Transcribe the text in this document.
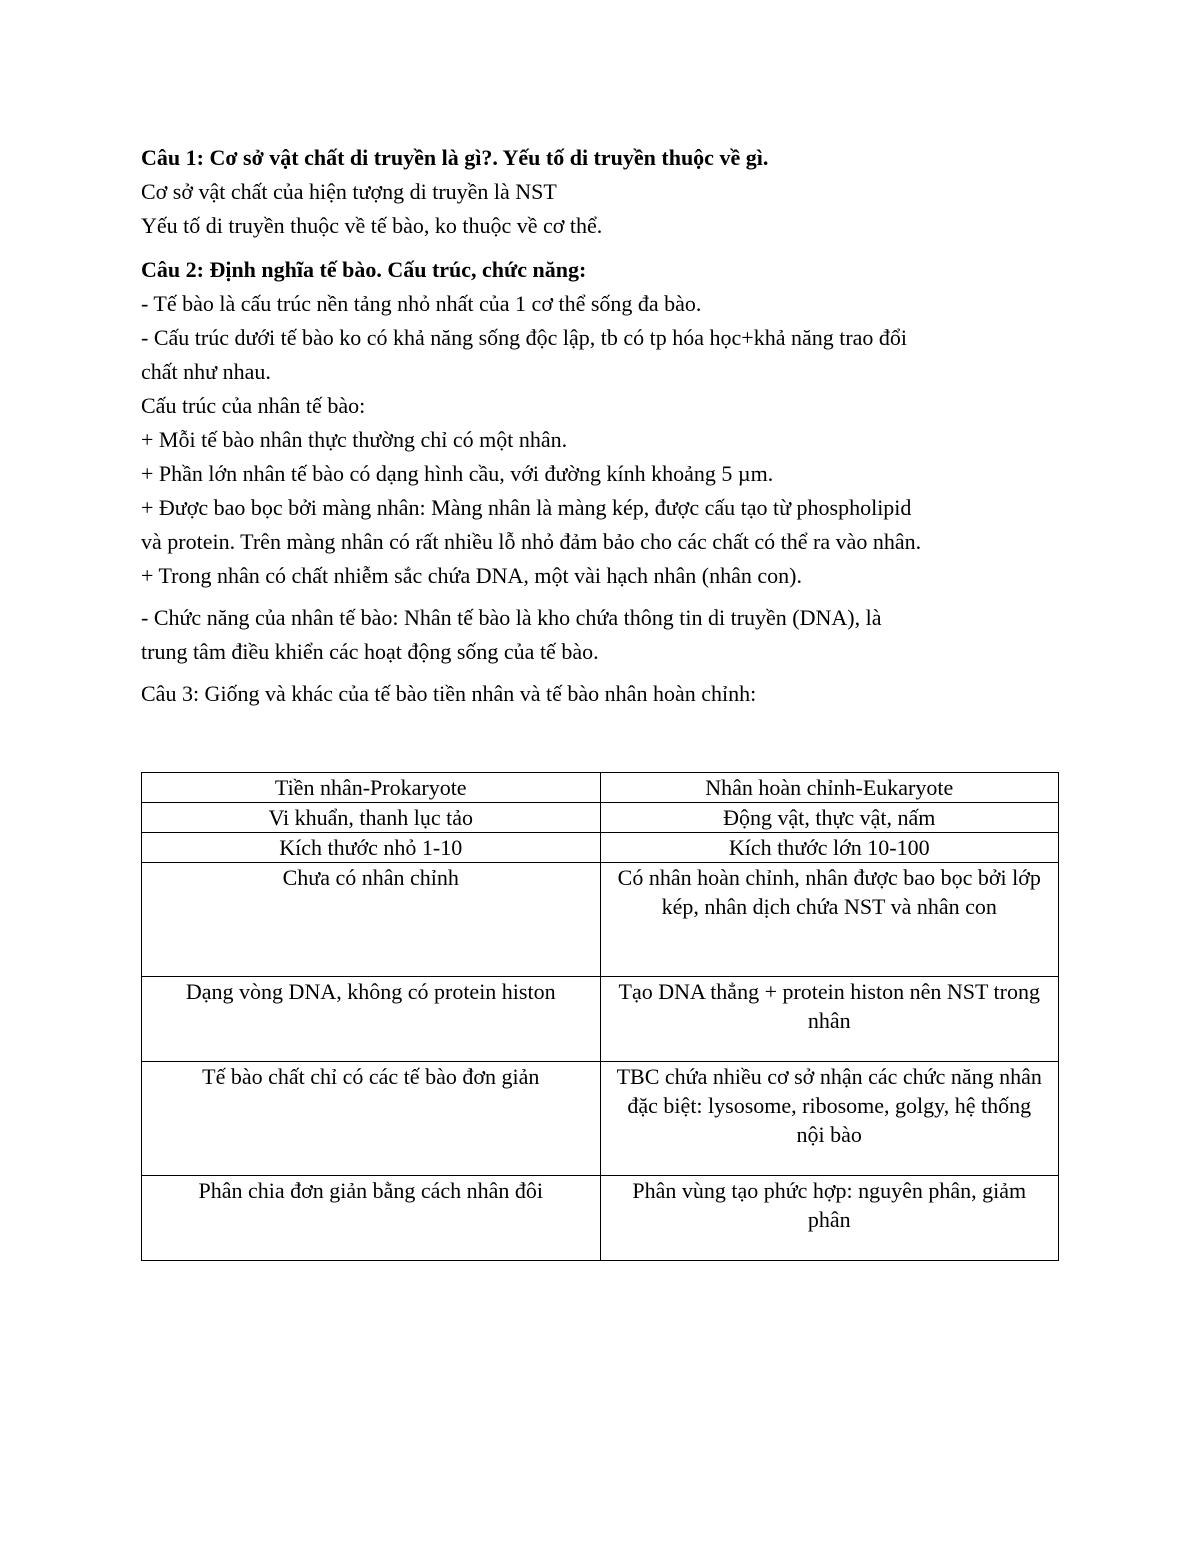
Câu 1: Cơ sở vật chất di truyền là gì?. Yếu tố di truyền thuộc về gì.

Cơ sở vật chất của hiện tượng di truyền là NST

Yếu tố di truyền thuộc về tế bào, ko thuộc về cơ thể.

Câu 2: Định nghĩa tế bào. Cấu trúc, chức năng:

- Tế bào là cấu trúc nền tảng nhỏ nhất của 1 cơ thể sống đa bào.

- Cấu trúc dưới tế bào ko có khả năng sống độc lập, tb có tp hóa học+khả năng trao đổi

chất như nhau.

Cấu trúc của nhân tế bào:

+ Mỗi tế bào nhân thực thường chỉ có một nhân.

+ Phần lớn nhân tế bào có dạng hình cầu, với đường kính khoảng 5 µm.

+ Được bao bọc bởi màng nhân: Màng nhân là màng kép, được cấu tạo từ phospholipid

và protein. Trên màng nhân có rất nhiều lỗ nhỏ đảm bảo cho các chất có thể ra vào nhân.

+ Trong nhân có chất nhiễm sắc chứa DNA, một vài hạch nhân (nhân con).

- Chức năng của nhân tế bào: Nhân tế bào là kho chứa thông tin di truyền (DNA), là

trung tâm điều khiển các hoạt động sống của tế bào.

Câu 3: Giống và khác của tế bào tiền nhân và tế bào nhân hoàn chỉnh:

Tiền nhân-Prokaryote	Nhân hoàn chỉnh-Eukaryote
Vi khuẩn, thanh lục tảo	Động vật, thực vật, nấm
Kích thước nhỏ 1-10	Kích thước lớn 10-100
Chưa có nhân chỉnh	Có nhân hoàn chỉnh, nhân được bao bọc bởi lớp kép, nhân dịch chứa NST và nhân con
Dạng vòng DNA, không có protein histon	Tạo DNA thẳng + protein histon nên NST trong nhân
Tế bào chất chỉ có các tế bào đơn giản	TBC chứa nhiều cơ sở nhận các chức năng nhân đặc biệt: lysosome, ribosome, golgy, hệ thống nội bào
Phân chia đơn giản bằng cách nhân đôi	Phân vùng tạo phức hợp: nguyên phân, giảm phân
